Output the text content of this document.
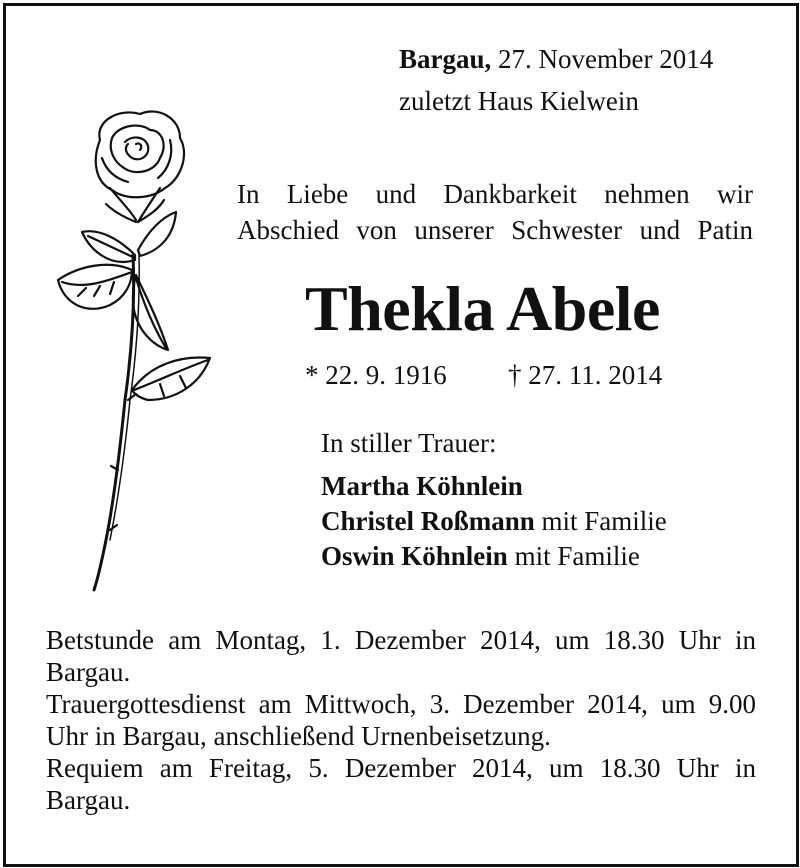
Bargau, 27. November 2014
zuletzt Haus Kielwein
In Liebe und Dankbarkeit nehmen wir Abschied von unserer Schwester und Patin
Thekla Abele
* 22. 9. 1916 † 27. 11. 2014
In stiller Trauer:
Martha Köhnlein
Christel Roßmann mit Familie
Oswin Köhnlein mit Familie
Betstunde am Montag, 1. Dezember 2014, um 18.30 Uhr in Bargau.
Trauergottesdienst am Mittwoch, 3. Dezember 2014, um 9.00 Uhr in Bargau, anschließend Urnenbeisetzung.
Requiem am Freitag, 5. Dezember 2014, um 18.30 Uhr in Bargau.
